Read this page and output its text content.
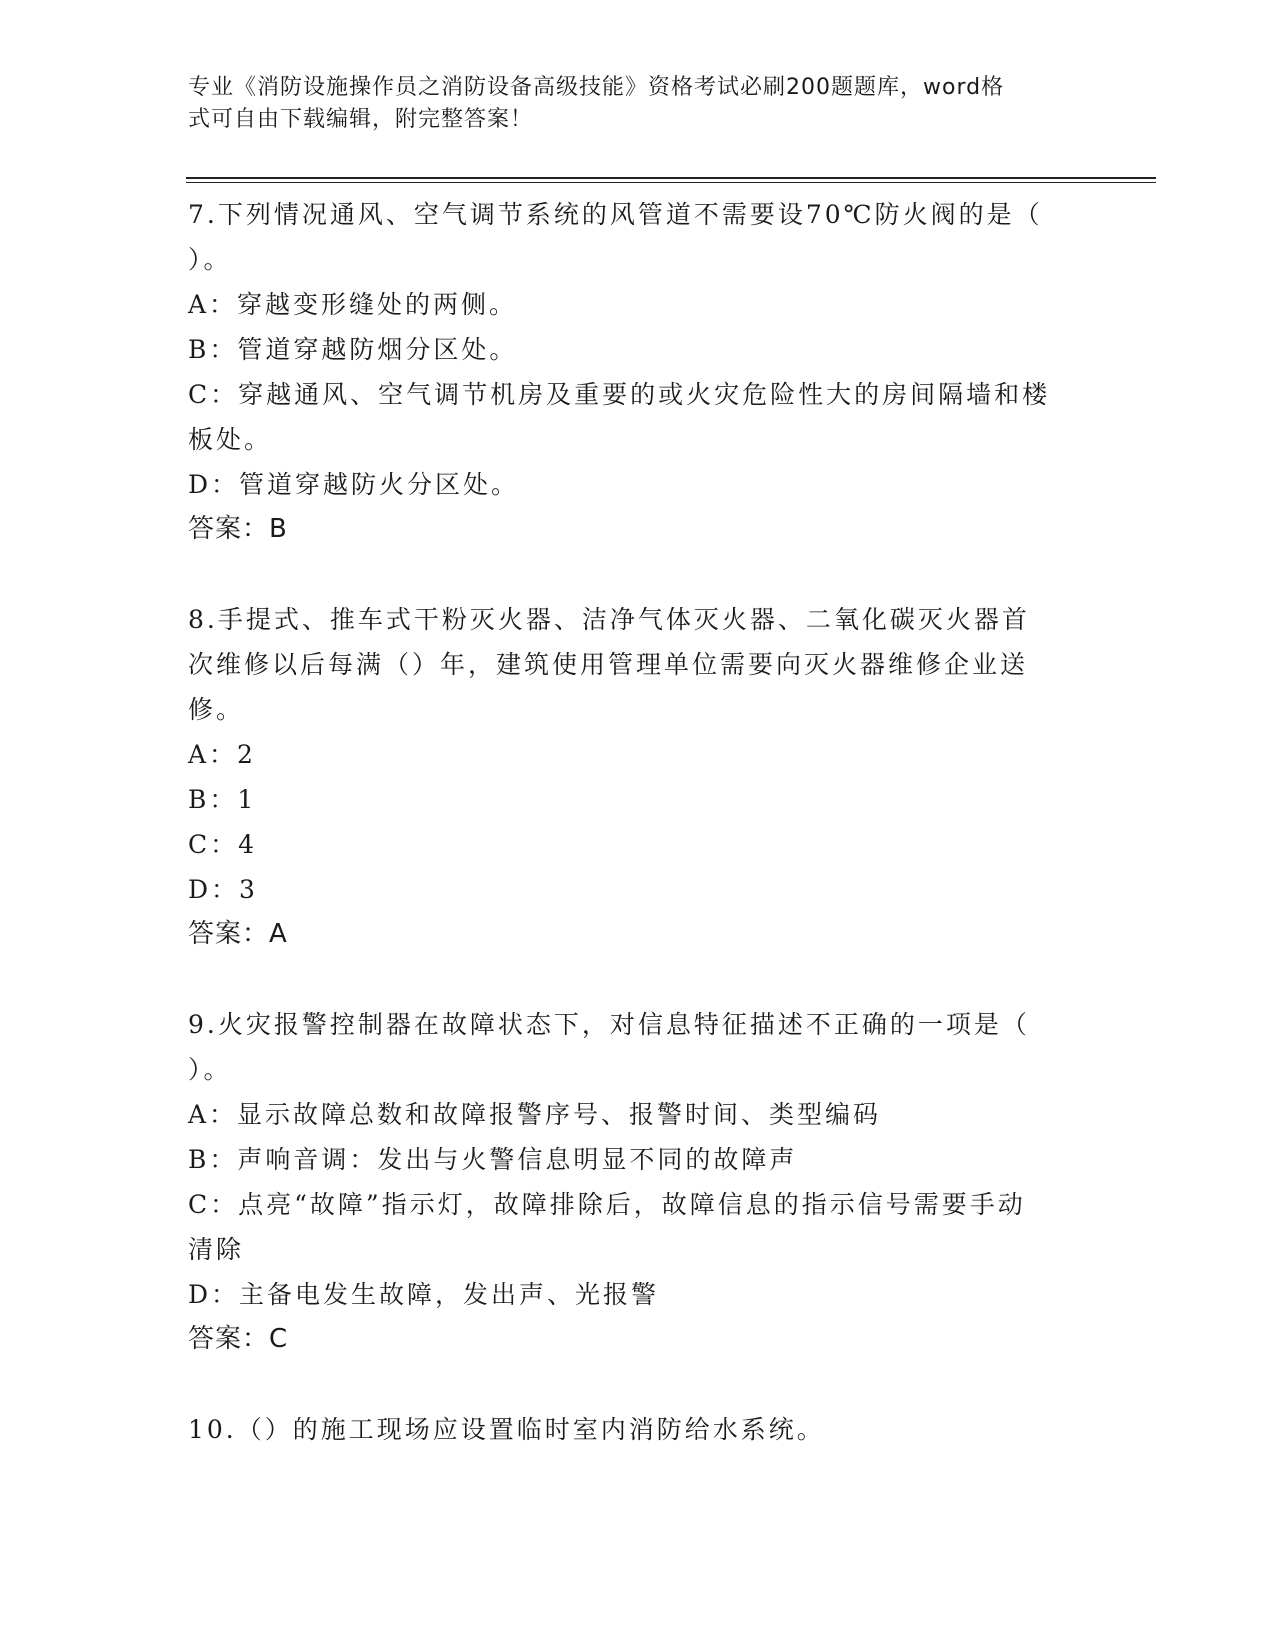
专业《消防设施操作员之消防设备高级技能》资格考试必刷200题题库，word格
式可自由下载编辑，附完整答案！

7.下列情况通风、空气调节系统的风管道不需要设70℃防火阀的是（

）。

A：穿越变形缝处的两侧。

B：管道穿越防烟分区处。

C：穿越通风、空气调节机房及重要的或火灾危险性大的房间隔墙和楼

板处。

D：管道穿越防火分区处。

答案：B

8.手提式、推车式干粉灭火器、洁净气体灭火器、二氧化碳灭火器首

次维修以后每满（）年，建筑使用管理单位需要向灭火器维修企业送

修。

A：2

B：1

C：4

D：3

答案：A

9.火灾报警控制器在故障状态下，对信息特征描述不正确的一项是（

）。

A：显示故障总数和故障报警序号、报警时间、类型编码

B：声响音调：发出与火警信息明显不同的故障声

C：点亮“故障”指示灯，故障排除后，故障信息的指示信号需要手动

清除

D：主备电发生故障，发出声、光报警

答案：C

10.（）的施工现场应设置临时室内消防给水系统。
